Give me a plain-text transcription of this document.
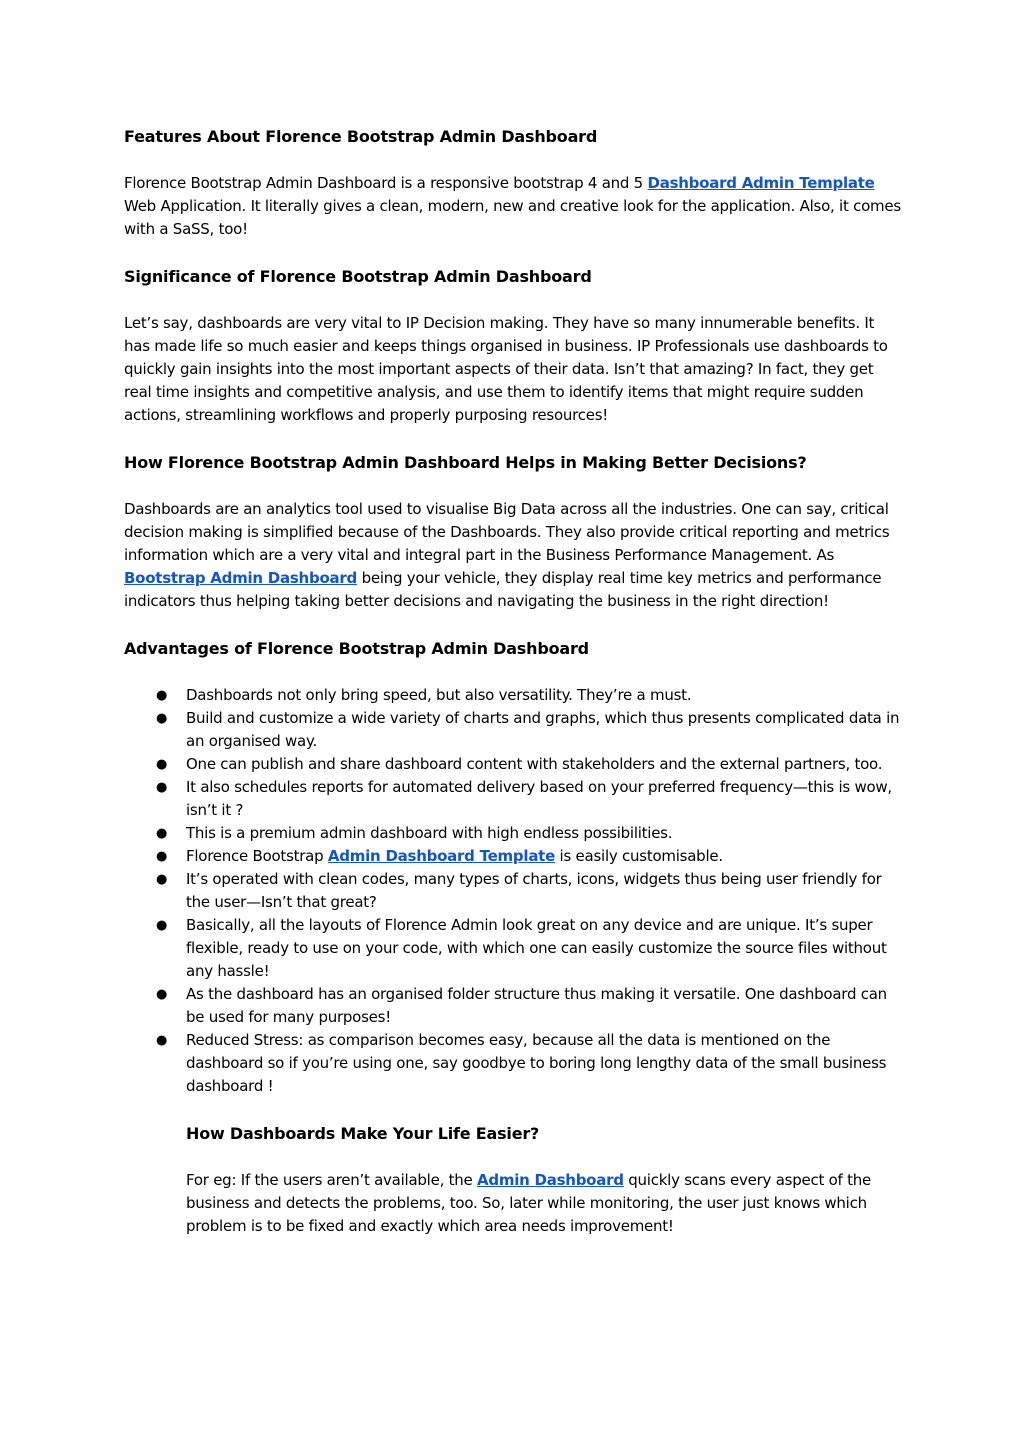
Features About Florence Bootstrap Admin Dashboard

Florence Bootstrap Admin Dashboard is a responsive bootstrap 4 and 5 Dashboard Admin Template Web Application. It literally gives a clean, modern, new and creative look for the application. Also, it comes with a SaSS, too!

Significance of Florence Bootstrap Admin Dashboard

Let’s say, dashboards are very vital to IP Decision making. They have so many innumerable benefits. It has made life so much easier and keeps things organised in business. IP Professionals use dashboards to quickly gain insights into the most important aspects of their data. Isn’t that amazing? In fact, they get real time insights and competitive analysis, and use them to identify items that might require sudden actions, streamlining workflows and properly purposing resources!

How Florence Bootstrap Admin Dashboard Helps in Making Better Decisions?

Dashboards are an analytics tool used to visualise Big Data across all the industries. One can say, critical decision making is simplified because of the Dashboards. They also provide critical reporting and metrics information which are a very vital and integral part in the Business Performance Management. As Bootstrap Admin Dashboard being your vehicle, they display real time key metrics and performance indicators thus helping taking better decisions and navigating the business in the right direction!

Advantages of Florence Bootstrap Admin Dashboard
● Dashboards not only bring speed, but also versatility. They’re a must.
● Build and customize a wide variety of charts and graphs, which thus presents complicated data in an organised way.
● One can publish and share dashboard content with stakeholders and the external partners, too.
● It also schedules reports for automated delivery based on your preferred frequency—this is wow, isn’t it ?
● This is a premium admin dashboard with high endless possibilities.
● Florence Bootstrap Admin Dashboard Template is easily customisable.
● It’s operated with clean codes, many types of charts, icons, widgets thus being user friendly for the user—Isn’t that great?
● Basically, all the layouts of Florence Admin look great on any device and are unique. It’s super flexible, ready to use on your code, with which one can easily customize the source files without any hassle!
● As the dashboard has an organised folder structure thus making it versatile. One dashboard can be used for many purposes!
● Reduced Stress: as comparison becomes easy, because all the data is mentioned on the dashboard so if you’re using one, say goodbye to boring long lengthy data of the small business dashboard !
How Dashboards Make Your Life Easier?

For eg: If the users aren’t available, the Admin Dashboard quickly scans every aspect of the business and detects the problems, too. So, later while monitoring, the user just knows which problem is to be fixed and exactly which area needs improvement!
